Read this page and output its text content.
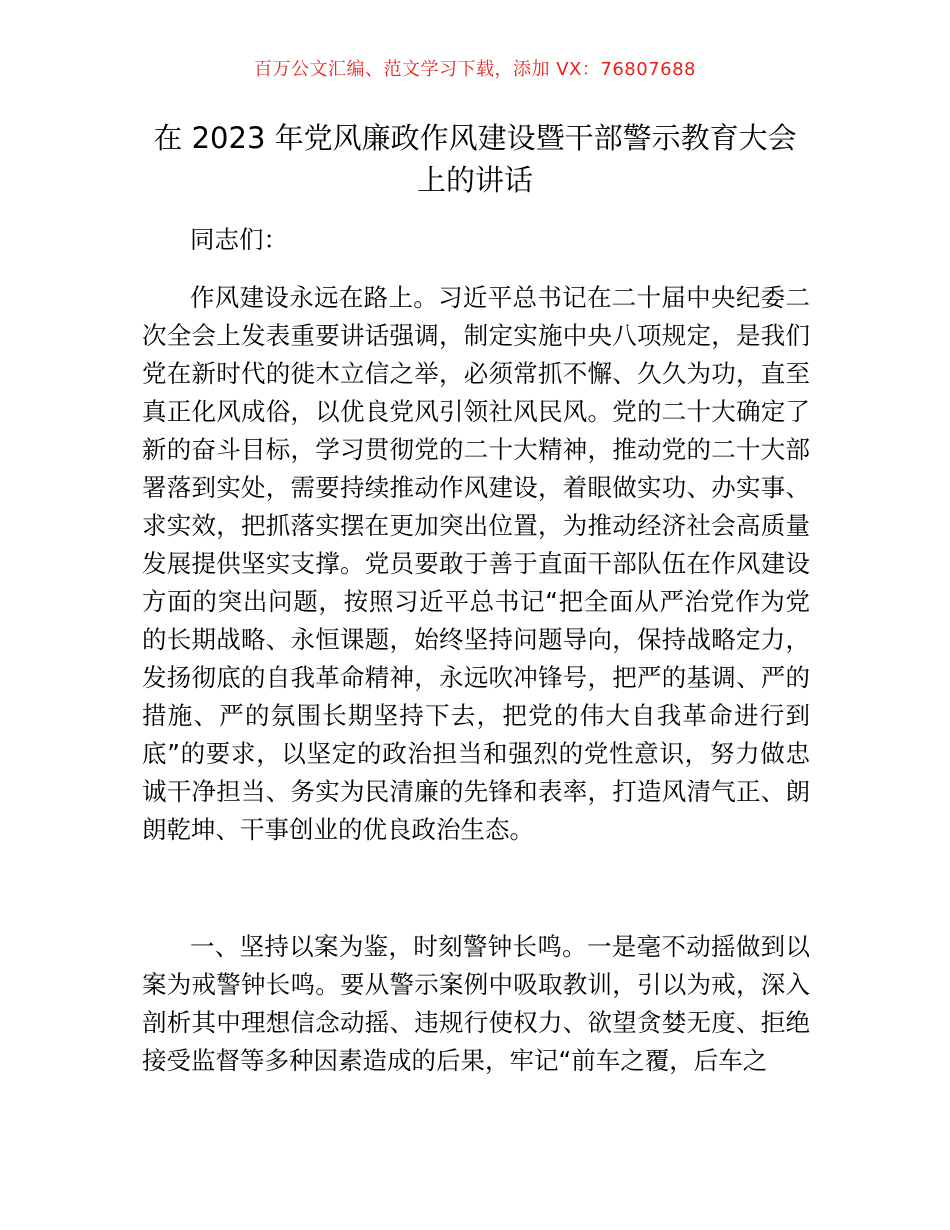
百万公文汇编、范文学习下载，添加 VX：76807688
在 2023 年党风廉政作风建设暨干部警示教育大会上的讲话

同志们：

作风建设永远在路上。习近平总书记在二十届中央纪委二次全会上发表重要讲话强调，制定实施中央八项规定，是我们党在新时代的徙木立信之举，必须常抓不懈、久久为功，直至真正化风成俗，以优良党风引领社风民风。党的二十大确定了新的奋斗目标，学习贯彻党的二十大精神，推动党的二十大部署落到实处，需要持续推动作风建设，着眼做实功、办实事、求实效，把抓落实摆在更加突出位置，为推动经济社会高质量发展提供坚实支撑。党员要敢于善于直面干部队伍在作风建设方面的突出问题，按照习近平总书记“把全面从严治党作为党的长期战略、永恒课题，始终坚持问题导向，保持战略定力，发扬彻底的自我革命精神，永远吹冲锋号，把严的基调、严的措施、严的氛围长期坚持下去，把党的伟大自我革命进行到底”的要求，以坚定的政治担当和强烈的党性意识，努力做忠诚干净担当、务实为民清廉的先锋和表率，打造风清气正、朗朗乾坤、干事创业的优良政治生态。

一、坚持以案为鉴，时刻警钟长鸣。一是毫不动摇做到以案为戒警钟长鸣。要从警示案例中吸取教训，引以为戒，深入剖析其中理想信念动摇、违规行使权力、欲望贪婪无度、拒绝接受监督等多种因素造成的后果，牢记“前车之覆，后车之
